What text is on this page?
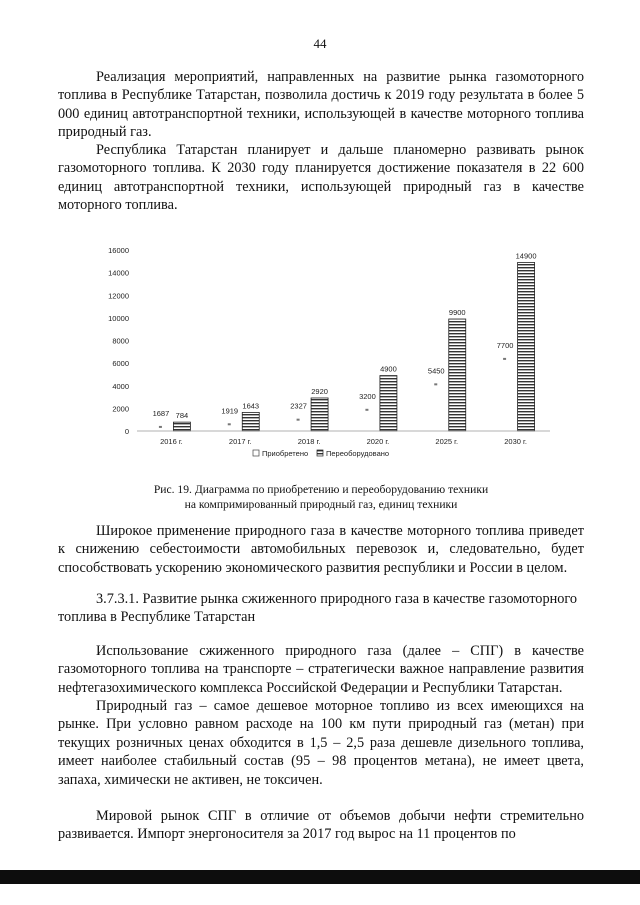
44

Реализация мероприятий, направленных на развитие рынка газомоторного топлива в Республике Татарстан, позволила достичь к 2019 году результата в более 5 000 единиц автотранспортной техники, использующей в качестве моторного топлива природный газ.

Республика Татарстан планирует и дальше планомерно развивать рынок газомоторного топлива. К 2030 году планируется достижение показателя в 22 600 единиц автотранспортной техники, использующей природный газ в качестве моторного топлива.

0
2000
4000
6000
8000
10000
12000
14000
16000
1687 784
1919
1643	2327
2920
3200
4900	5450
9900
7700
14900
2016 г.	2017 г.	2018 г.	2020 г.	2025 г.	2030 г.
Приобретено Переоборудовано
Рис. 19. Диаграмма по приобретению и переоборудованию техники
на компримированный природный газ, единиц техники

Широкое применение природного газа в качестве моторного топлива приведет к снижению себестоимости автомобильных перевозок и, следовательно, будет способствовать ускорению экономического развития республики и России в целом.

3.7.3.1. Развитие рынка сжиженного природного газа в качестве газомоторного топлива в Республике Татарстан

Использование сжиженного природного газа (далее – СПГ) в качестве газомоторного топлива на транспорте – стратегически важное направление развития нефтегазохимического комплекса Российской Федерации и Республики Татарстан.

Природный газ – самое дешевое моторное топливо из всех имеющихся на рынке. При условно равном расходе на 100 км пути природный газ (метан) при текущих розничных ценах обходится в 1,5 – 2,5 раза дешевле дизельного топлива, имеет наиболее стабильный состав (95 – 98 процентов метана), не имеет цвета, запаха, химически не активен, не токсичен.

Мировой рынок СПГ в отличие от объемов добычи нефти стремительно развивается. Импорт энергоносителя за 2017 год вырос на 11 процентов по
